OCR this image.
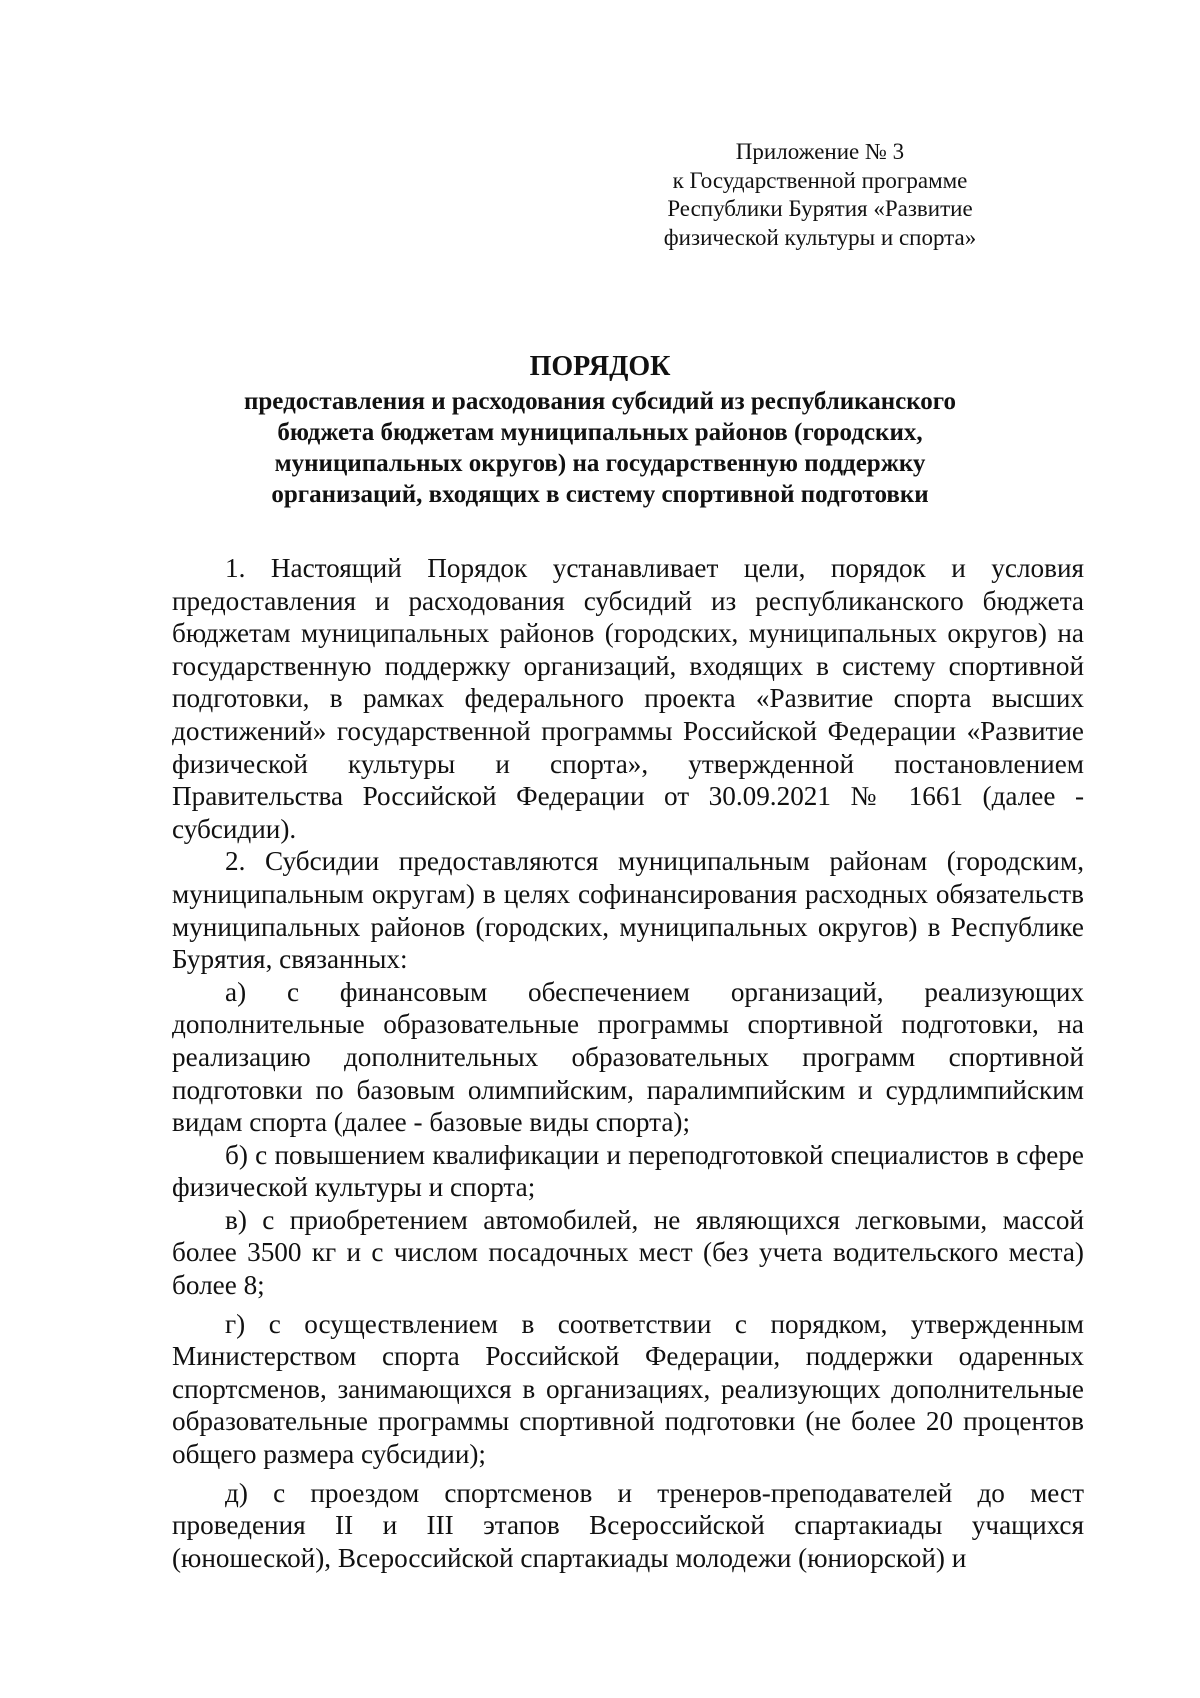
Приложение № 3
к Государственной программе
Республики Бурятия «Развитие
физической культуры и спорта»
ПОРЯДОК
предоставления и расходования субсидий из республиканского
бюджета бюджетам муниципальных районов (городских,
муниципальных округов) на государственную поддержку
организаций, входящих в систему спортивной подготовки

1. Настоящий Порядок устанавливает цели, порядок и условия предоставления и расходования субсидий из республиканского бюджета бюджетам муниципальных районов (городских, муниципальных округов) на государственную поддержку организаций, входящих в систему спортивной подготовки, в рамках федерального проекта «Развитие спорта высших достижений» государственной программы Российской Федерации «Развитие физической культуры и спорта», утвержденной постановлением Правительства Российской Федерации от 30.09.2021 № 1661 (далее - субсидии).

2. Субсидии предоставляются муниципальным районам (городским, муниципальным округам) в целях софинансирования расходных обязательств муниципальных районов (городских, муниципальных округов) в Республике Бурятия, связанных:

а) с финансовым обеспечением организаций, реализующих дополнительные образовательные программы спортивной подготовки, на реализацию дополнительных образовательных программ спортивной подготовки по базовым олимпийским, паралимпийским и сурдлимпийским видам спорта (далее - базовые виды спорта);

б) с повышением квалификации и переподготовкой специалистов в сфере физической культуры и спорта;

в) с приобретением автомобилей, не являющихся легковыми, массой более 3500 кг и с числом посадочных мест (без учета водительского места) более 8;

г) с осуществлением в соответствии с порядком, утвержденным Министерством спорта Российской Федерации, поддержки одаренных спортсменов, занимающихся в организациях, реализующих дополнительные образовательные программы спортивной подготовки (не более 20 процентов общего размера субсидии);

д) с проездом спортсменов и тренеров-преподавателей до мест проведения II и III этапов Всероссийской спартакиады учащихся (юношеской), Всероссийской спартакиады молодежи (юниорской) и
